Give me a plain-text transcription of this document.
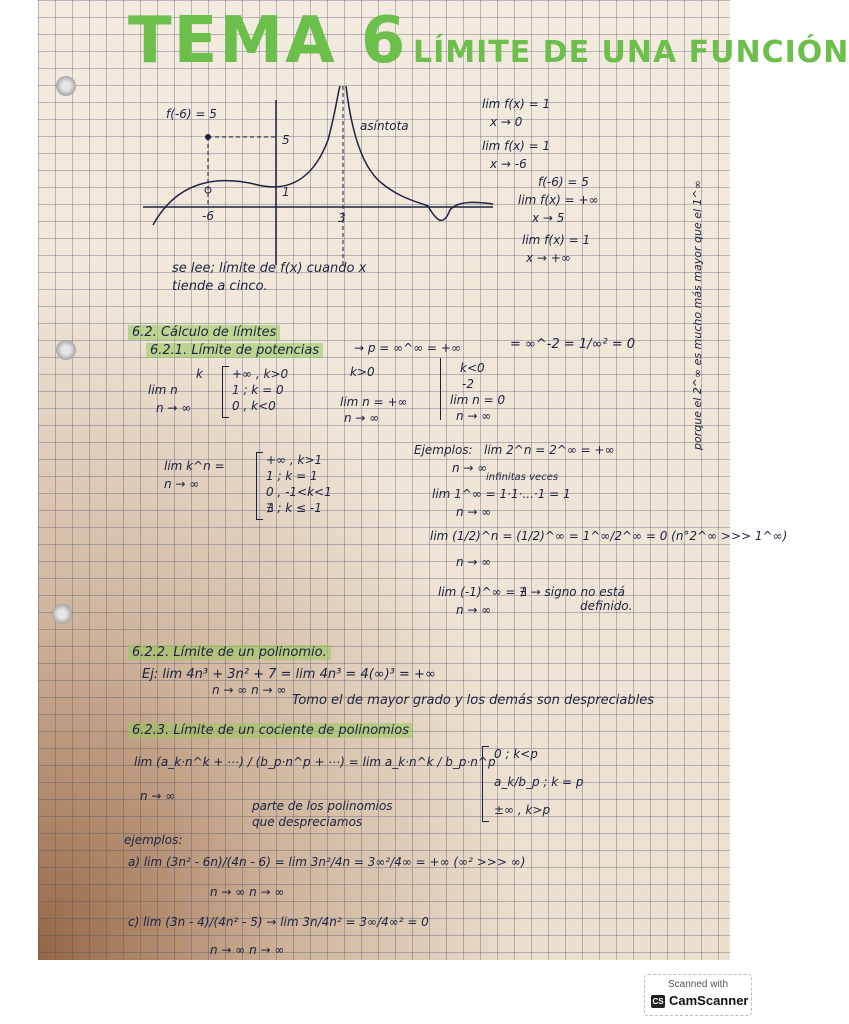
TEMA 6 LÍMITE DE UNA FUNCIÓN
f(-6) = 5
asíntota
5
-6
1
3
lim f(x) = 1
x → 0
lim f(x) = 1
x → -6
f(-6) = 5
lim f(x) = +∞
x → 5
lim f(x) = 1
x → +∞
se lee; límite de f(x) cuando x
tiende a cinco.
6.2. Cálculo de límites
6.2.1. Límite de potencias
k
lim n
n → ∞
+∞ , k>0
1 ; k = 0
0 , k<0
→ p = ∞^∞ = +∞
k>0
lim n = +∞
n → ∞
k<0
-2
lim n = 0
n → ∞
= ∞^-2 = 1/∞² = 0
lim k^n =
n → ∞
+∞ , k>1
1 ; k = 1
0 , -1<k<1
∄ ; k ≤ -1
Ejemplos: lim 2^n = 2^∞ = +∞
n → ∞
infinitas veces
lim 1^∞ = 1·1·...·1 = 1
n → ∞
lim (1/2)^n = (1/2)^∞ = 1^∞/2^∞ = 0 (n°2^∞ >>> 1^∞)
n → ∞
lim (-1)^∞ = ∄ → signo no está
definido.
n → ∞
porque el 2^∞ es mucho más mayor que el 1^∞
6.2.2. Límite de un polinomio.
Ej: lim 4n³ + 3n² + 7 = lim 4n³ = 4(∞)³ = +∞
n → ∞ n → ∞
Tomo el de mayor grado y los demás son despreciables
6.2.3. Límite de un cociente de polinomios
lim (a_k·n^k + ⋯) / (b_p·n^p + ⋯) = lim a_k·n^k / b_p·n^p
n → ∞
0 ; k<p
a_k/b_p ; k = p
±∞ , k>p
parte de los polinomios
que despreciamos
ejemplos:
a) lim (3n² - 6n)/(4n - 6) = lim 3n²/4n = 3∞²/4∞ = +∞ (∞² >>> ∞)
n → ∞ n → ∞
c) lim (3n - 4)/(4n² - 5) → lim 3n/4n² = 3∞/4∞² = 0
n → ∞ n → ∞
Scanned with
CS CamScanner
